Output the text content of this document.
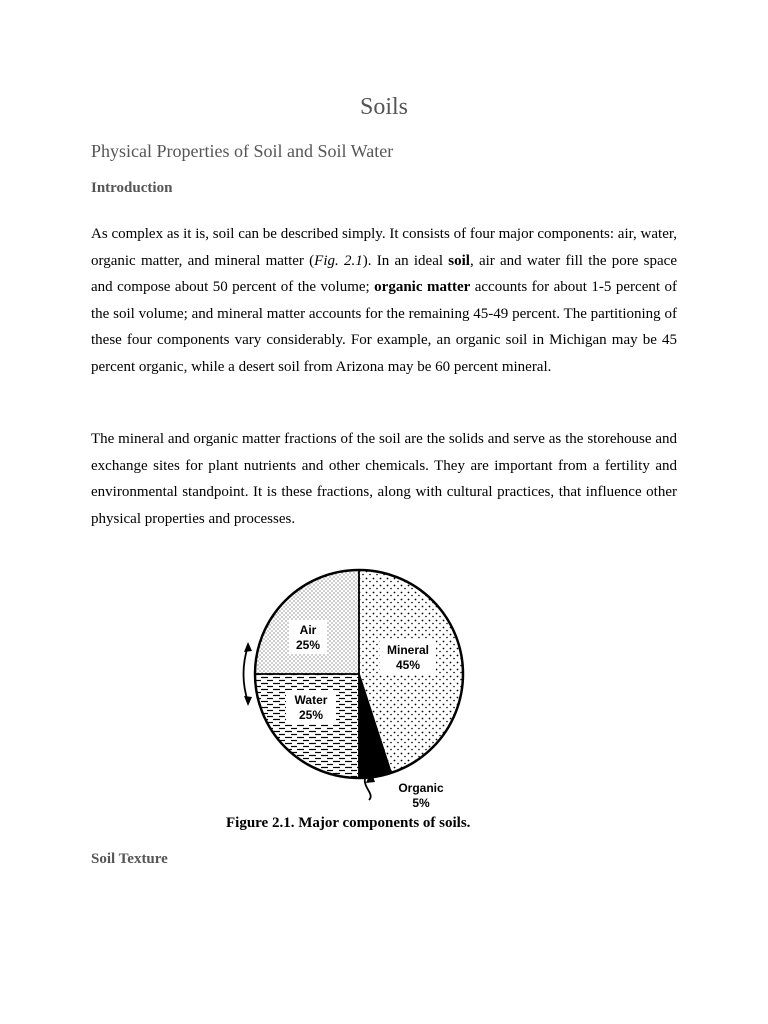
Soils
Physical Properties of Soil and Soil Water
Introduction

As complex as it is, soil can be described simply. It consists of four major components: air, water, organic matter, and mineral matter (Fig. 2.1). In an ideal soil, air and water fill the pore space and compose about 50 percent of the volume; organic matter accounts for about 1-5 percent of the soil volume; and mineral matter accounts for the remaining 45-49 percent. The partitioning of these four components vary considerably. For example, an organic soil in Michigan may be 45 percent organic, while a desert soil from Arizona may be 60 percent mineral.

The mineral and organic matter fractions of the soil are the solids and serve as the storehouse and exchange sites for plant nutrients and other chemicals. They are important from a fertility and environmental standpoint. It is these fractions, along with cultural practices, that influence other physical properties and processes.

Air
25%	Mineral
45%
Water
25%
Organic
5%

Figure 2.1. Major components of soils.

Soil Texture
